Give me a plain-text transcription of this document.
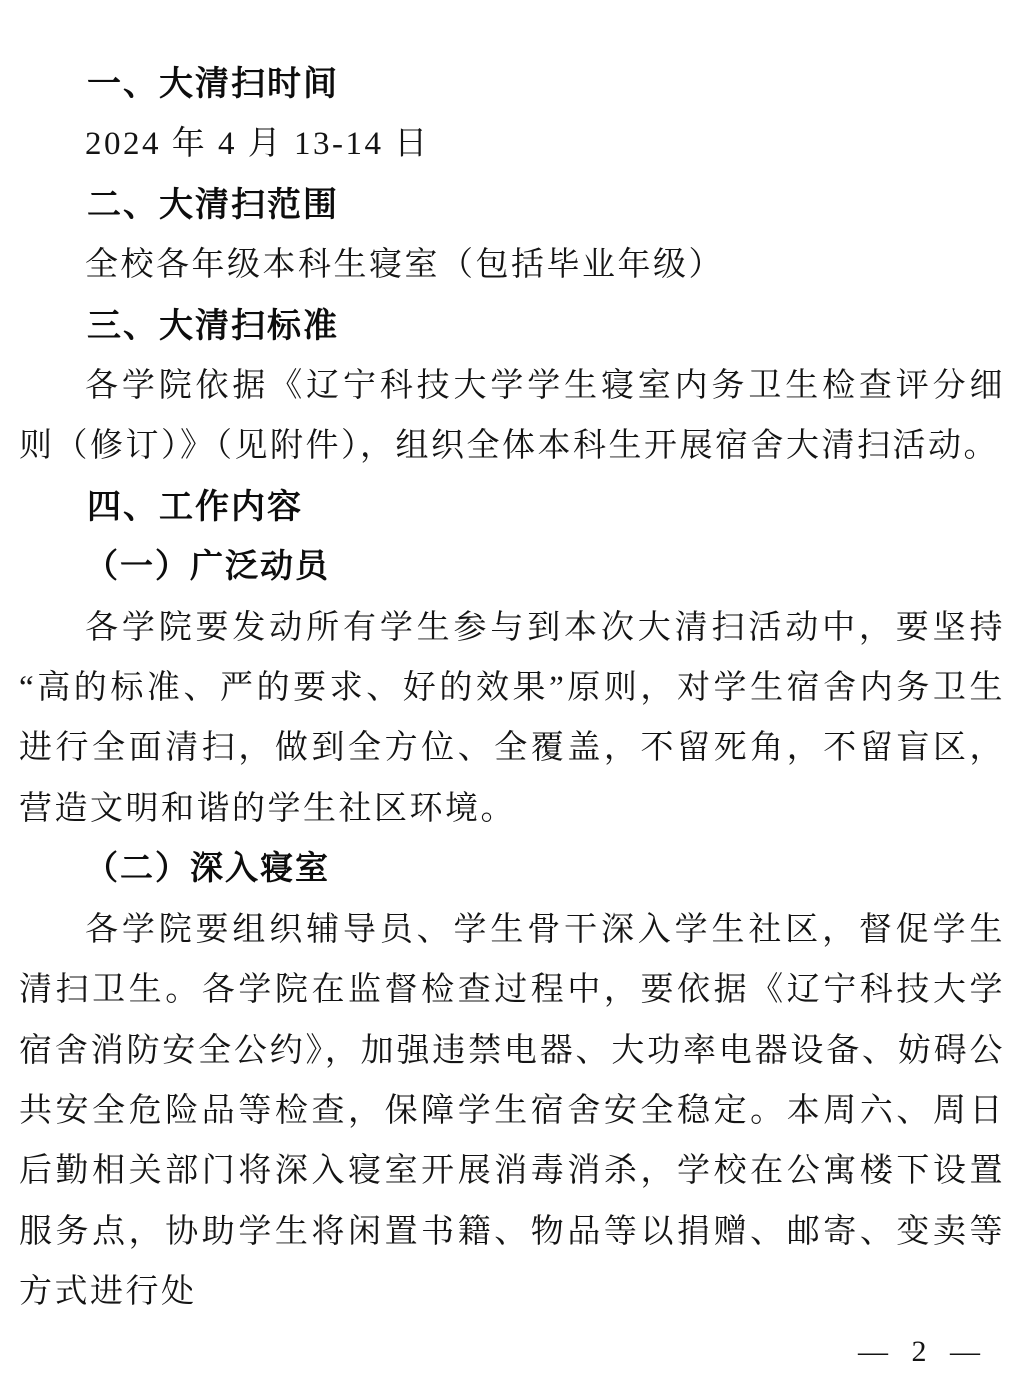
一、大清扫时间

2024 年 4 月 13-14 日

二、大清扫范围

全校各年级本科生寝室（包括毕业年级）

三、大清扫标准

各学院依据《辽宁科技大学学生寝室内务卫生检查评分细则（修订）》（见附件），组织全体本科生开展宿舍大清扫活动。

四、工作内容
（一）广泛动员

各学院要发动所有学生参与到本次大清扫活动中，要坚持“高的标准、严的要求、好的效果”原则，对学生宿舍内务卫生进行全面清扫，做到全方位、全覆盖，不留死角，不留盲区，营造文明和谐的学生社区环境。

（二）深入寝室

各学院要组织辅导员、学生骨干深入学生社区，督促学生清扫卫生。各学院在监督检查过程中，要依据《辽宁科技大学宿舍消防安全公约》，加强违禁电器、大功率电器设备、妨碍公共安全危险品等检查，保障学生宿舍安全稳定。本周六、周日后勤相关部门将深入寝室开展消毒消杀，学校在公寓楼下设置服务点，协助学生将闲置书籍、物品等以捐赠、邮寄、变卖等方式进行处

— 2 —
